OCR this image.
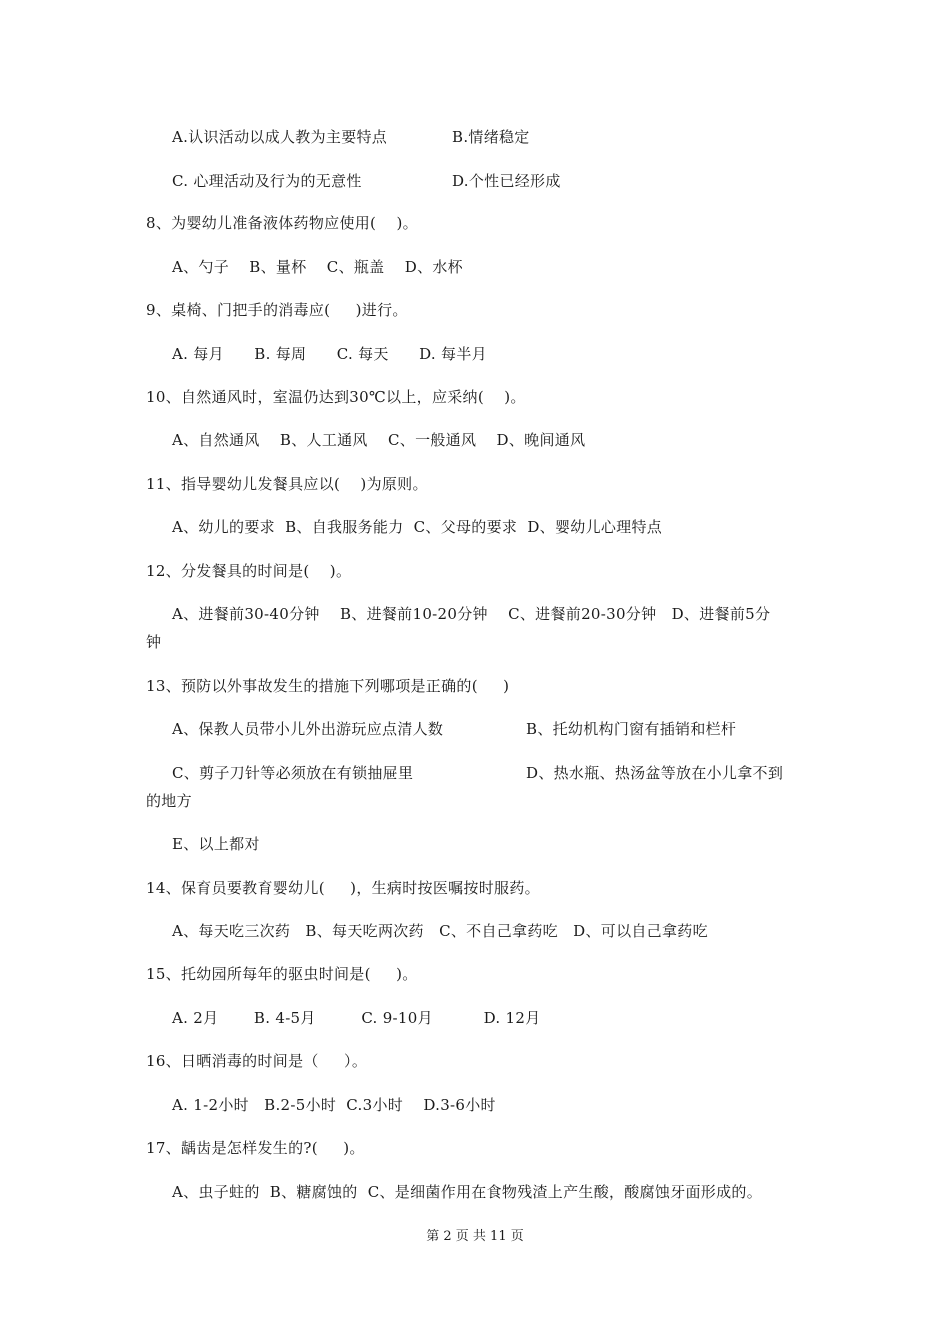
A.认识活动以成人教为主要特点	B.情绪稳定
C. 心理活动及行为的无意性	D.个性已经形成
8、为婴幼儿准备液体药物应使用(    )。
A、勺子    B、量杯    C、瓶盖    D、水杯
9、桌椅、门把手的消毒应(     )进行。
A. 每月      B. 每周      C. 每天      D. 每半月
10、自然通风时，室温仍达到30℃以上，应采纳(    )。
A、自然通风    B、人工通风    C、一般通风    D、晚间通风
11、指导婴幼儿发餐具应以(    )为原则。
A、幼儿的要求  B、自我服务能力  C、父母的要求  D、婴幼儿心理特点
12、分发餐具的时间是(    )。
A、进餐前30-40分钟    B、进餐前10-20分钟    C、进餐前20-30分钟   D、进餐前5分
钟
13、预防以外事故发生的措施下列哪项是正确的(     )
A、保教人员带小儿外出游玩应点清人数	B、托幼机构门窗有插销和栏杆
C、剪子刀针等必须放在有锁抽屉里	D、热水瓶、热汤盆等放在小儿拿不到
的地方
E、以上都对
14、保育员要教育婴幼儿(     )，生病时按医嘱按时服药。
A、每天吃三次药   B、每天吃两次药   C、不自己拿药吃   D、可以自己拿药吃
15、托幼园所每年的驱虫时间是(     )。
A. 2月       B. 4-5月         C. 9-10月          D. 12月
16、日晒消毒的时间是（     ）。
A. 1-2小时   B.2-5小时  C.3小时    D.3-6小时
17、龋齿是怎样发生的?(     )。
A、虫子蛀的  B、糖腐蚀的  C、是细菌作用在食物残渣上产生酸，酸腐蚀牙面形成的。
第 2 页 共 11 页
